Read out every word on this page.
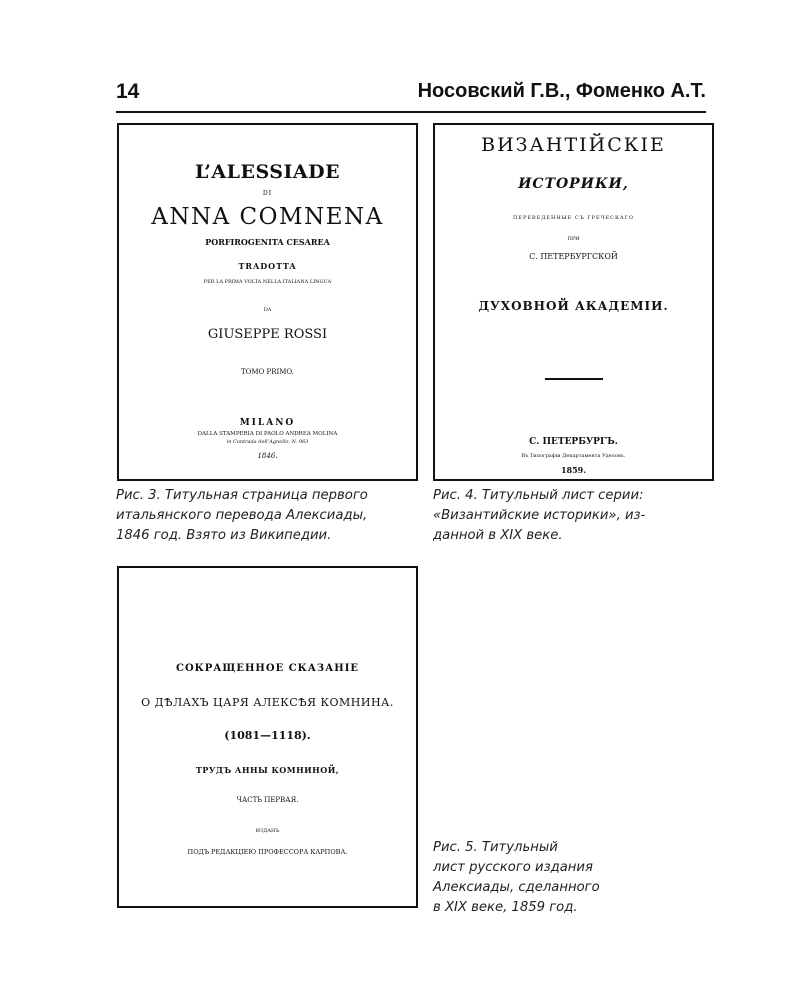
14	Носовский Г.В., Фоменко А.Т.
L’ALESSIADE
DI
ANNA COMNENA
PORFIROGENITA CESAREA
TRADOTTA
PER LA PRIMA VOLTA NELLA ITALIANA LINGUA
DA
GIUSEPPE ROSSI
TOMO PRIMO.
MILANO
DALLA STAMPERIA DI PAOLO ANDREA MOLINA
in Contrada dell’Agnello, N. 963
1846.
Рис. 3. Титульная страница первого
итальянского перевода Алексиады,
1846 год. Взято из Википедии.
ВИЗАНТІЙСКІЕ
ИСТОРИКИ,
ПЕРЕВЕДЕННЫЕ СЪ ГРЕЧЕСКАГО
ПРИ
С. ПЕТЕРБУРГСКОЙ
ДУХОВНОЙ АКАДЕМІИ.
С. ПЕТЕРБУРГЪ.
Въ Типографіи Департамента Уделовъ.
1859.
Рис. 4. Титульный лист серии:
«Византийские историки», из-
данной в XIX веке.
СОКРАЩЕННОЕ СКАЗАНІЕ
О ДѢЛАХЪ ЦАРЯ АЛЕКСѢЯ КОМНИНА.
(1081—1118).
ТРУДЪ АННЫ КОМНИНОЙ,
ЧАСТЬ ПЕРВАЯ.
ИЗДАНЪ
ПОДЪ РЕДАКЦІЕЮ ПРОФЕССОРА КАРПОВА.	Рис. 5. Титульный
лист русского издания
Алексиады, сделанного
в XIX веке, 1859 год.
